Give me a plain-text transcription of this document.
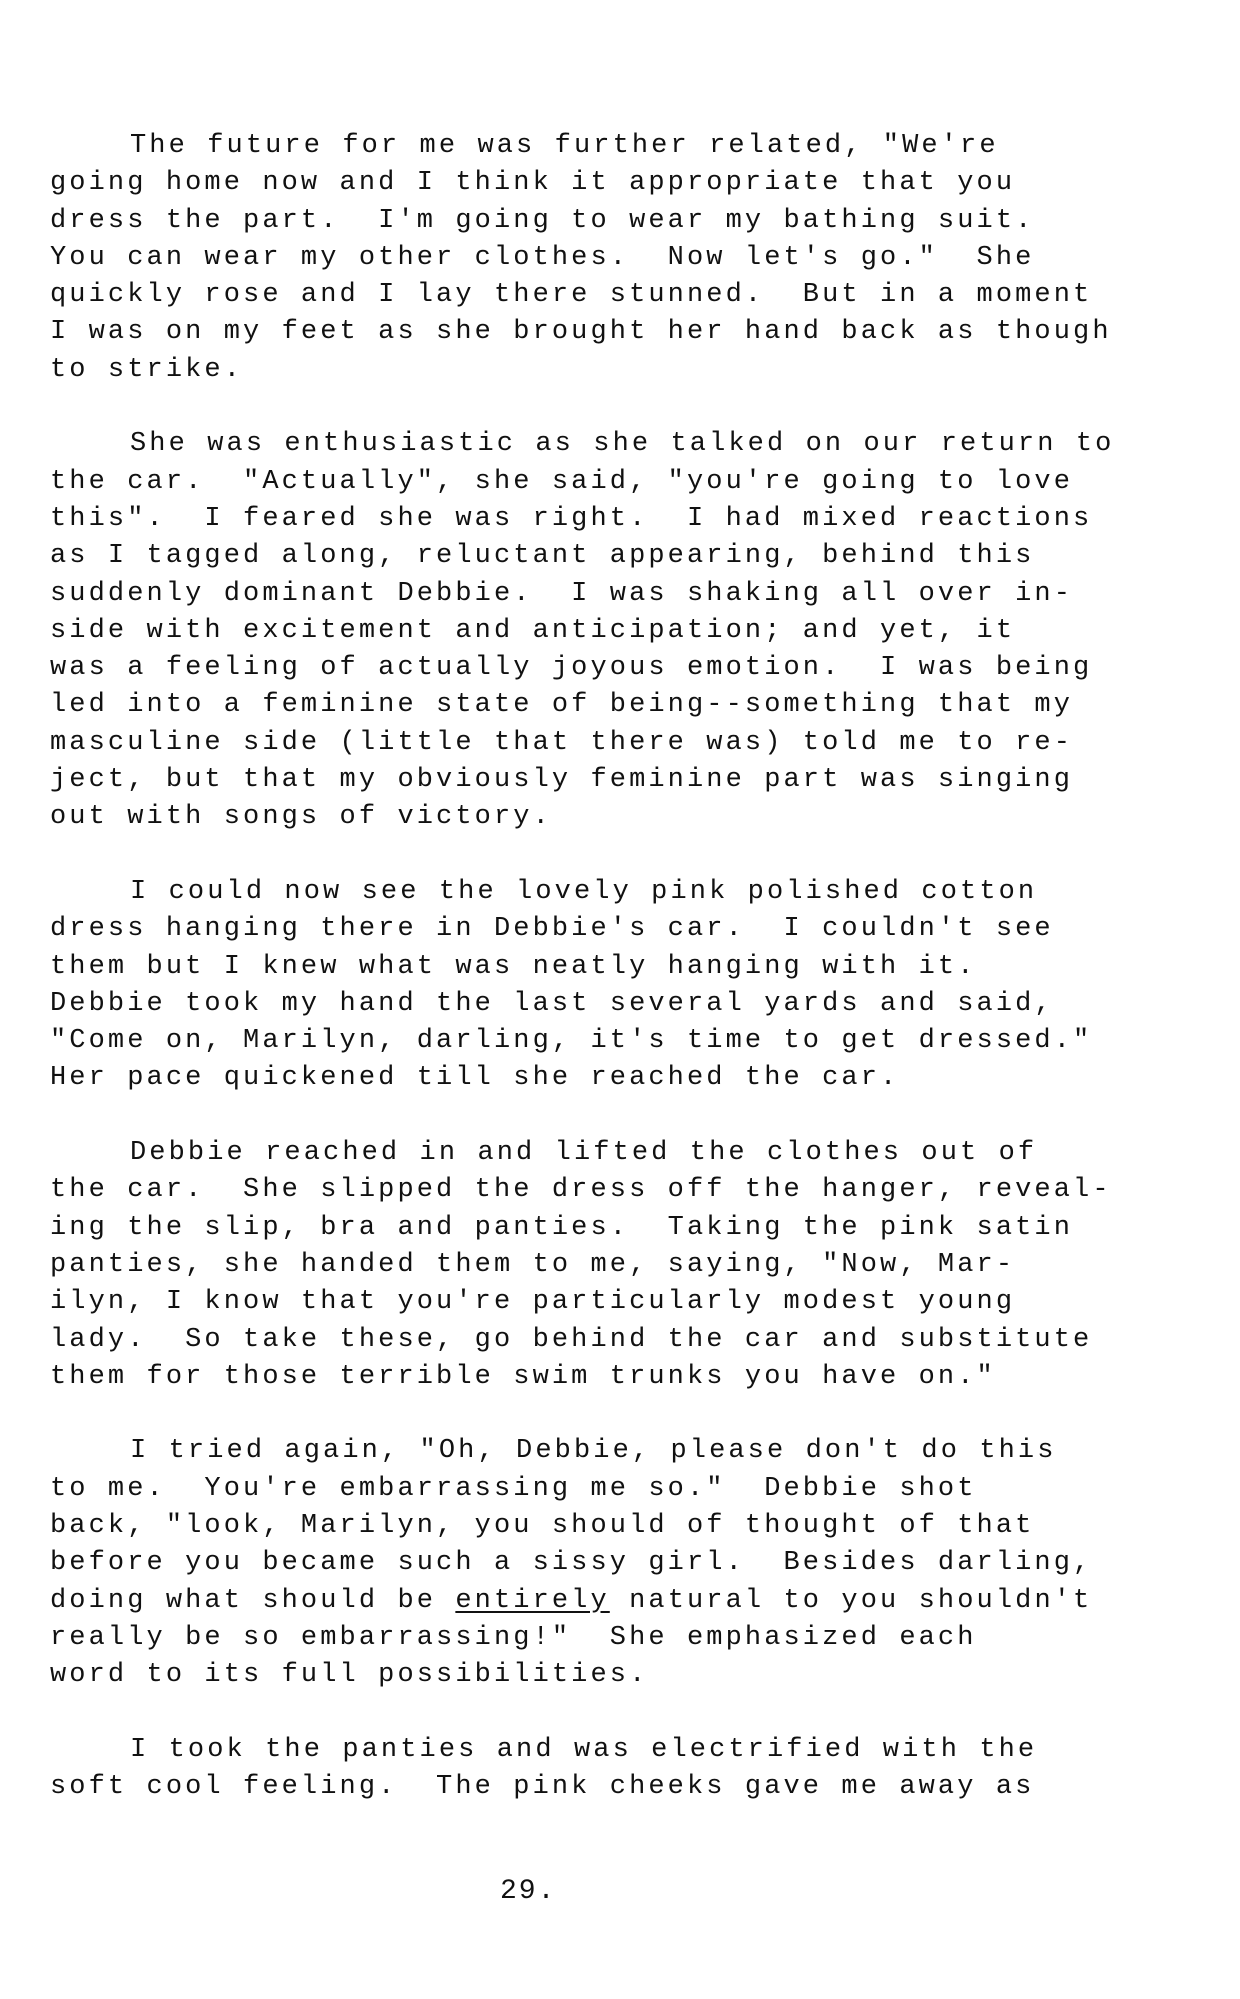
The future for me was further related, "We're
going home now and I think it appropriate that you
dress the part.  I'm going to wear my bathing suit.
You can wear my other clothes.  Now let's go."  She
quickly rose and I lay there stunned.  But in a moment
I was on my feet as she brought her hand back as though
to strike.
She was enthusiastic as she talked on our return to
the car.  "Actually", she said, "you're going to love
this".  I feared she was right.  I had mixed reactions
as I tagged along, reluctant appearing, behind this
suddenly dominant Debbie.  I was shaking all over in-
side with excitement and anticipation; and yet, it
was a feeling of actually joyous emotion.  I was being
led into a feminine state of being--something that my
masculine side (little that there was) told me to re-
ject, but that my obviously feminine part was singing
out with songs of victory.
I could now see the lovely pink polished cotton
dress hanging there in Debbie's car.  I couldn't see
them but I knew what was neatly hanging with it.
Debbie took my hand the last several yards and said,
"Come on, Marilyn, darling, it's time to get dressed."
Her pace quickened till she reached the car.
Debbie reached in and lifted the clothes out of
the car.  She slipped the dress off the hanger, reveal-
ing the slip, bra and panties.  Taking the pink satin
panties, she handed them to me, saying, "Now, Mar-
ilyn, I know that you're particularly modest young
lady.  So take these, go behind the car and substitute
them for those terrible swim trunks you have on."
I tried again, "Oh, Debbie, please don't do this
to me.  You're embarrassing me so."  Debbie shot
back, "look, Marilyn, you should of thought of that
before you became such a sissy girl.  Besides darling,
doing what should be entirely natural to you shouldn't
really be so embarrassing!"  She emphasized each
word to its full possibilities.
I took the panties and was electrified with the
soft cool feeling.  The pink cheeks gave me away as
29.
